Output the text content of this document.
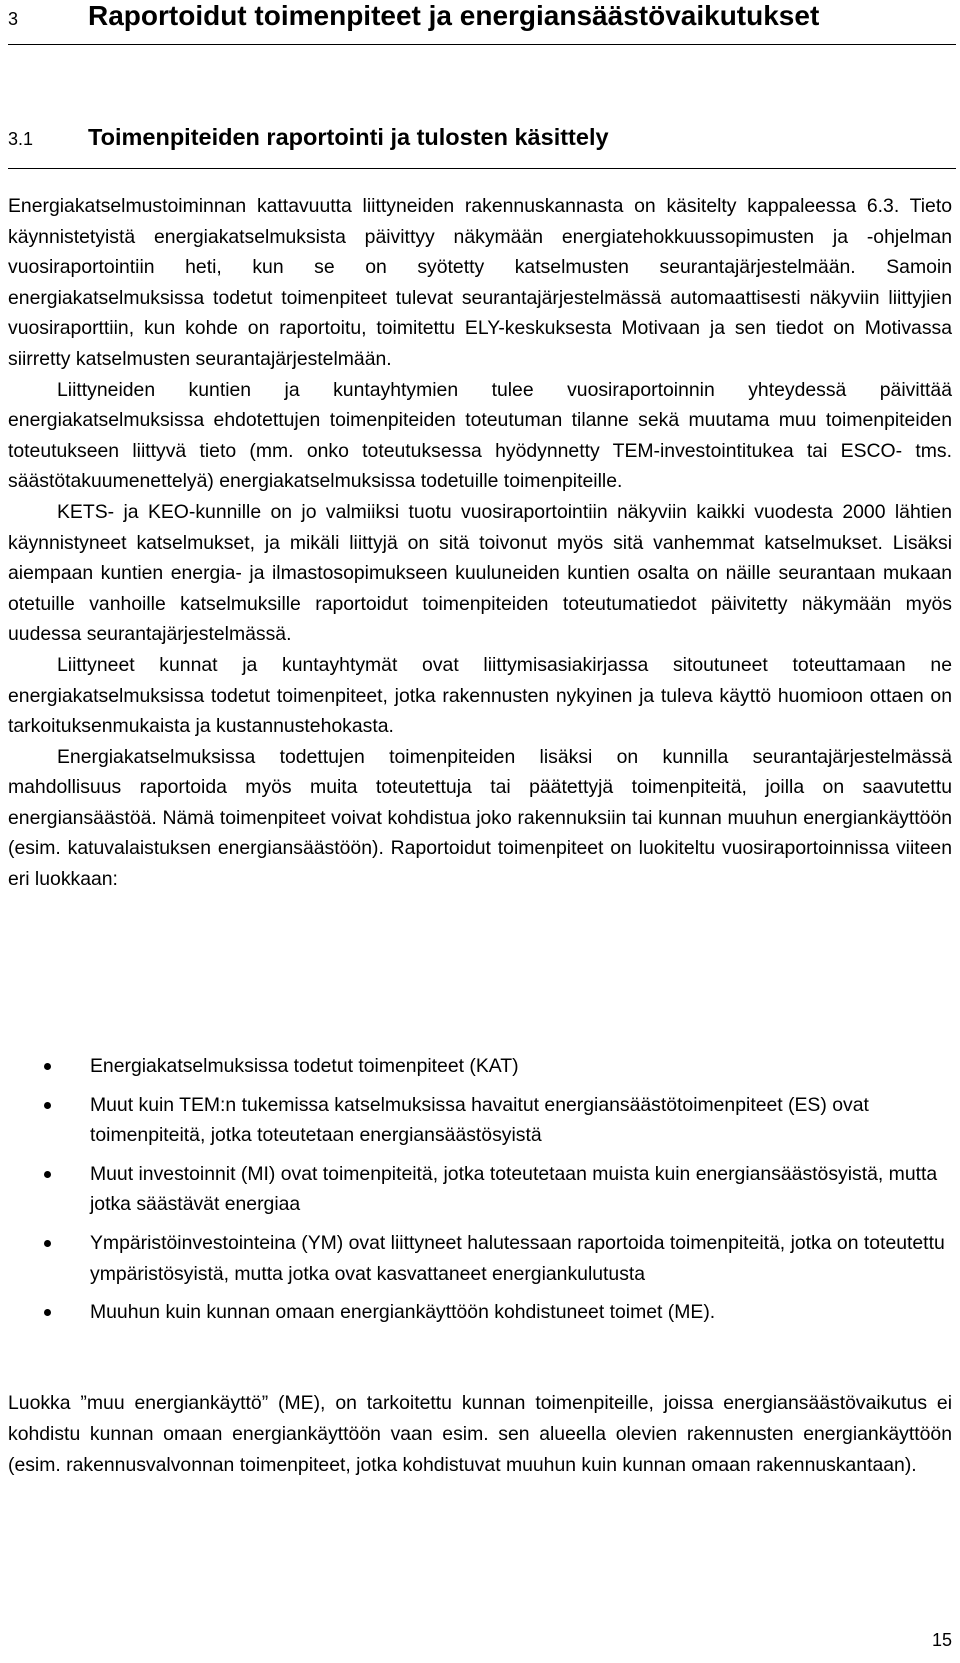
3	Raportoidut toimenpiteet ja energiansäästövaikutukset
3.1	Toimenpiteiden raportointi ja tulosten käsittely

Energiakatselmustoiminnan kattavuutta liittyneiden rakennuskannasta on käsitelty kappaleessa 6.3. Tieto käynnistetyistä energiakatselmuksista päivittyy näkymään energiatehokkuussopimusten ja -ohjelman vuosiraportointiin heti, kun se on syötetty katselmusten seurantajärjestelmään. Samoin energiakatselmuksissa todetut toimenpiteet tulevat seurantajärjestelmässä automaattisesti näkyviin liittyjien vuosiraporttiin, kun kohde on raportoitu, toimitettu ELY-keskuksesta Motivaan ja sen tiedot on Motivassa siirretty katselmusten seurantajärjestelmään.

Liittyneiden kuntien ja kuntayhtymien tulee vuosiraportoinnin yhteydessä päivittää energiakatselmuksissa ehdotettujen toimenpiteiden toteutuman tilanne sekä muutama muu toimenpiteiden toteutukseen liittyvä tieto (mm. onko toteutuksessa hyödynnetty TEM-investointitukea tai ESCO- tms. säästötakuumenettelyä) energiakatselmuksissa todetuille toimenpiteille.

KETS- ja KEO-kunnille on jo valmiiksi tuotu vuosiraportointiin näkyviin kaikki vuodesta 2000 lähtien käynnistyneet katselmukset, ja mikäli liittyjä on sitä toivonut myös sitä vanhemmat katselmukset. Lisäksi aiempaan kuntien energia- ja ilmastosopimukseen kuuluneiden kuntien osalta on näille seurantaan mukaan otetuille vanhoille katselmuksille raportoidut toimenpiteiden toteutumatiedot päivitetty näkymään myös uudessa seurantajärjestelmässä.

Liittyneet kunnat ja kuntayhtymät ovat liittymisasiakirjassa sitoutuneet toteuttamaan ne energiakatselmuksissa todetut toimenpiteet, jotka rakennusten nykyinen ja tuleva käyttö huomioon ottaen on tarkoituksenmukaista ja kustannustehokasta.

Energiakatselmuksissa todettujen toimenpiteiden lisäksi on kunnilla seurantajärjestelmässä mahdollisuus raportoida myös muita toteutettuja tai päätettyjä toimenpiteitä, joilla on saavutettu energiansäästöä. Nämä toimenpiteet voivat kohdistua joko rakennuksiin tai kunnan muuhun energiankäyttöön (esim. katuvalaistuksen energiansäästöön). Raportoidut toimenpiteet on luokiteltu vuosiraportoinnissa viiteen eri luokkaan:

Energiakatselmuksissa todetut toimenpiteet (KAT)
Muut kuin TEM:n tukemissa katselmuksissa havaitut energiansäästötoimenpiteet (ES) ovat toimenpiteitä, jotka toteutetaan energiansäästösyistä
Muut investoinnit (MI) ovat toimenpiteitä, jotka toteutetaan muista kuin energiansäästösyistä, mutta jotka säästävät energiaa
Ympäristöinvestointeina (YM) ovat liittyneet halutessaan raportoida toimenpiteitä, jotka on toteutettu ympäristösyistä, mutta jotka ovat kasvattaneet energiankulutusta
Muuhun kuin kunnan omaan energiankäyttöön kohdistuneet toimet (ME).

Luokka ”muu energiankäyttö” (ME), on tarkoitettu kunnan toimenpiteille, joissa energiansäästövaikutus ei kohdistu kunnan omaan energiankäyttöön vaan esim. sen alueella olevien rakennusten energiankäyttöön (esim. rakennusvalvonnan toimenpiteet, jotka kohdistuvat muuhun kuin kunnan omaan rakennuskantaan).

15
